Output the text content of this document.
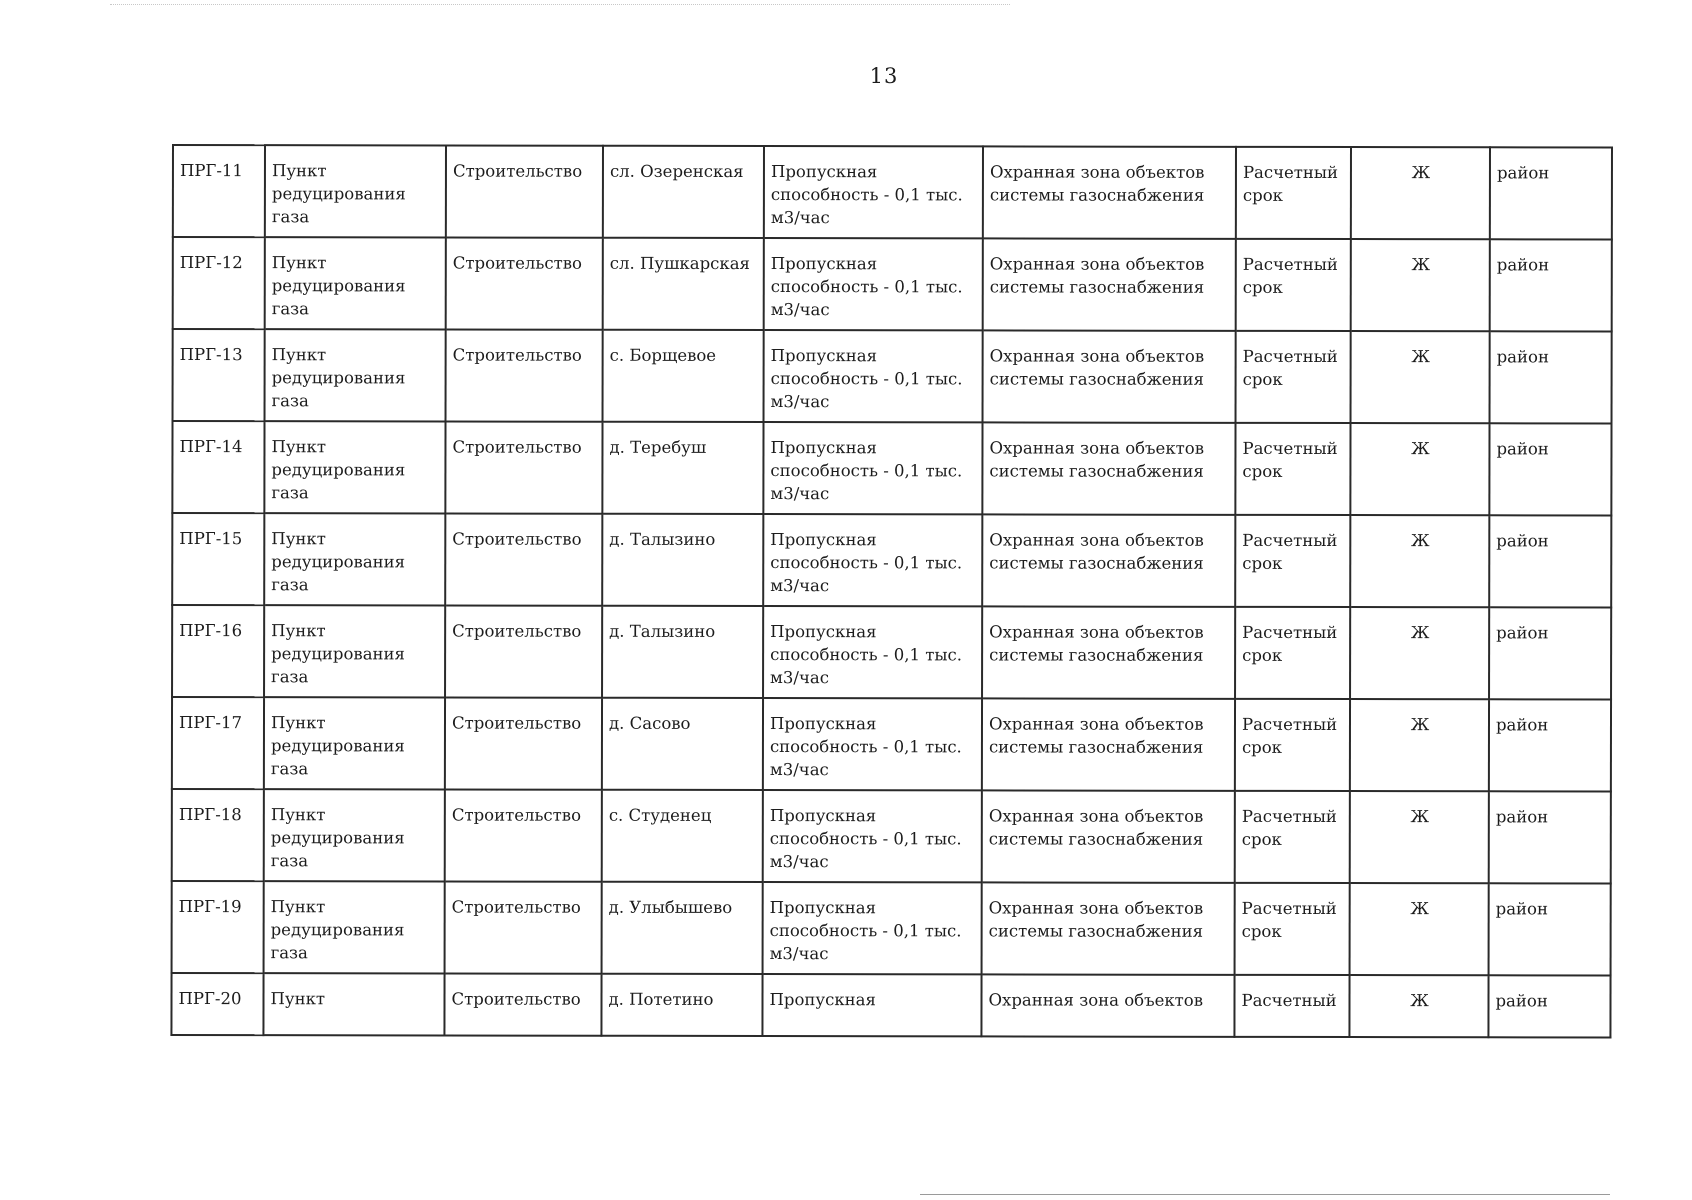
13
ПРГ-11	Пункт редуцирования газа	Строительство	сл. Озеренская	Пропускная способность - 0,1 тыс. м3/час	Охранная зона объектов системы газоснабжения	Расчетный срок	Ж	район
ПРГ-12	Пункт редуцирования газа	Строительство	сл. Пушкарская	Пропускная способность - 0,1 тыс. м3/час	Охранная зона объектов системы газоснабжения	Расчетный срок	Ж	район
ПРГ-13	Пункт редуцирования газа	Строительство	с. Борщевое	Пропускная способность - 0,1 тыс. м3/час	Охранная зона объектов системы газоснабжения	Расчетный срок	Ж	район
ПРГ-14	Пункт редуцирования газа	Строительство	д. Теребуш	Пропускная способность - 0,1 тыс. м3/час	Охранная зона объектов системы газоснабжения	Расчетный срок	Ж	район
ПРГ-15	Пункт редуцирования газа	Строительство	д. Талызино	Пропускная способность - 0,1 тыс. м3/час	Охранная зона объектов системы газоснабжения	Расчетный срок	Ж	район
ПРГ-16	Пункт редуцирования газа	Строительство	д. Талызино	Пропускная способность - 0,1 тыс. м3/час	Охранная зона объектов системы газоснабжения	Расчетный срок	Ж	район
ПРГ-17	Пункт редуцирования газа	Строительство	д. Сасово	Пропускная способность - 0,1 тыс. м3/час	Охранная зона объектов системы газоснабжения	Расчетный срок	Ж	район
ПРГ-18	Пункт редуцирования газа	Строительство	с. Студенец	Пропускная способность - 0,1 тыс. м3/час	Охранная зона объектов системы газоснабжения	Расчетный срок	Ж	район
ПРГ-19	Пункт редуцирования газа	Строительство	д. Улыбышево	Пропускная способность - 0,1 тыс. м3/час	Охранная зона объектов системы газоснабжения	Расчетный срок	Ж	район
ПРГ-20	Пункт	Строительство	д. Потетино	Пропускная	Охранная зона объектов	Расчетный	Ж	район
